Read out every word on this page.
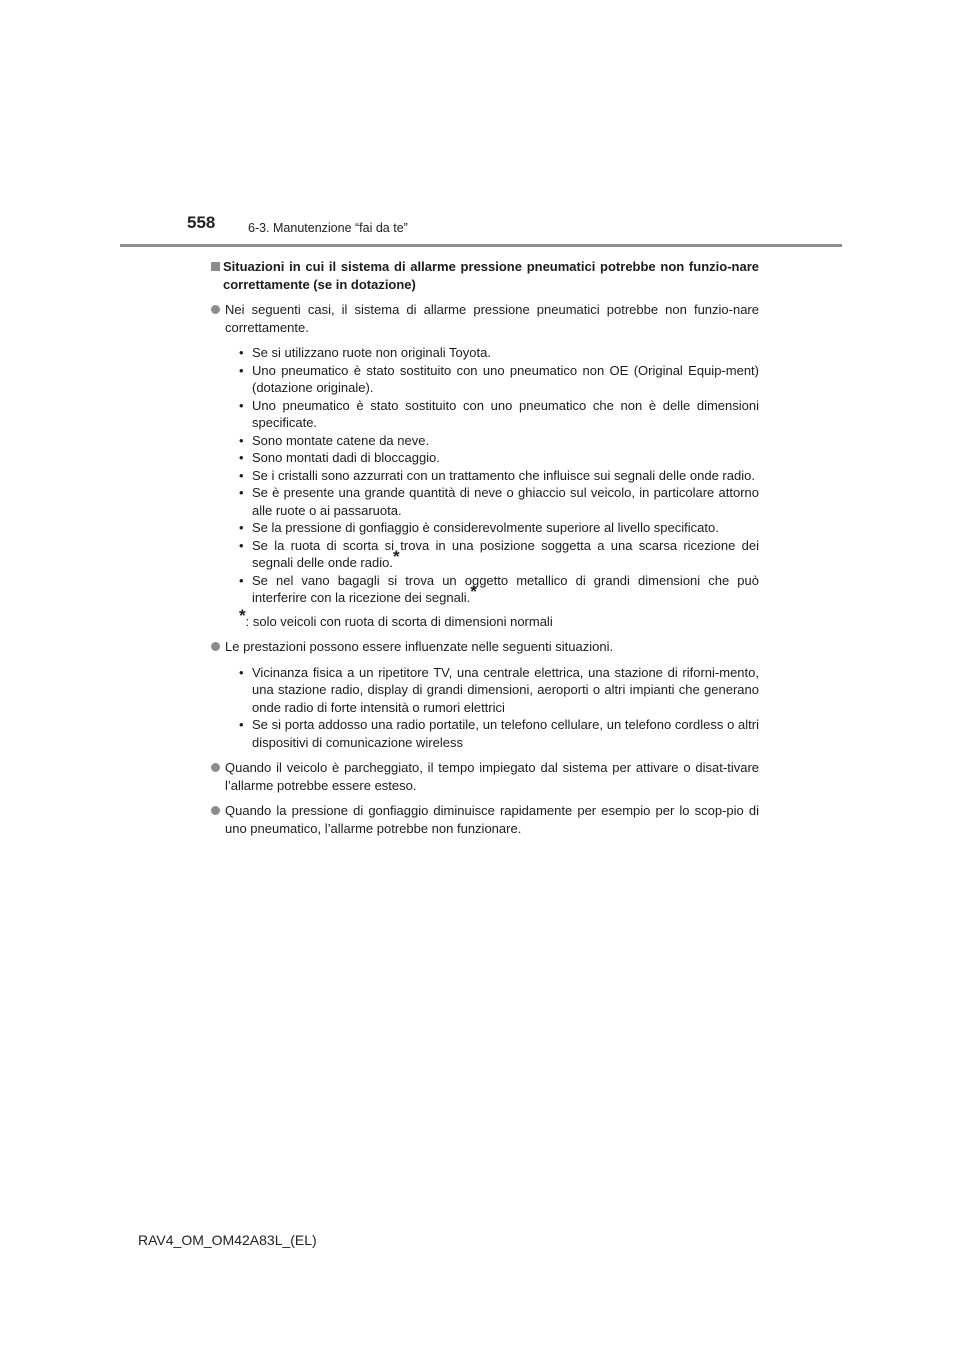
558	6-3. Manutenzione “fai da te”
Situazioni in cui il sistema di allarme pressione pneumatici potrebbe non funzio-nare correttamente (se in dotazione)
Nei seguenti casi, il sistema di allarme pressione pneumatici potrebbe non funzio-nare correttamente.
• Se si utilizzano ruote non originali Toyota.
• Uno pneumatico è stato sostituito con uno pneumatico non OE (Original Equip-ment) (dotazione originale).
• Uno pneumatico è stato sostituito con uno pneumatico che non è delle dimensioni specificate.
• Sono montate catene da neve.
• Sono montati dadi di bloccaggio.
• Se i cristalli sono azzurrati con un trattamento che influisce sui segnali delle onde radio.
• Se è presente una grande quantità di neve o ghiaccio sul veicolo, in particolare attorno alle ruote o ai passaruota.
• Se la pressione di gonfiaggio è considerevolmente superiore al livello specificato.
• Se la ruota di scorta si trova in una posizione soggetta a una scarsa ricezione dei segnali delle onde radio.*
• Se nel vano bagagli si trova un oggetto metallico di grandi dimensioni che può interferire con la ricezione dei segnali.*
*: solo veicoli con ruota di scorta di dimensioni normali
Le prestazioni possono essere influenzate nelle seguenti situazioni.
• Vicinanza fisica a un ripetitore TV, una centrale elettrica, una stazione di riforni-mento, una stazione radio, display di grandi dimensioni, aeroporti o altri impianti che generano onde radio di forte intensità o rumori elettrici
• Se si porta addosso una radio portatile, un telefono cellulare, un telefono cordless o altri dispositivi di comunicazione wireless
Quando il veicolo è parcheggiato, il tempo impiegato dal sistema per attivare o disat-tivare l’allarme potrebbe essere esteso.
Quando la pressione di gonfiaggio diminuisce rapidamente per esempio per lo scop-pio di uno pneumatico, l’allarme potrebbe non funzionare.
RAV4_OM_OM42A83L_(EL)
